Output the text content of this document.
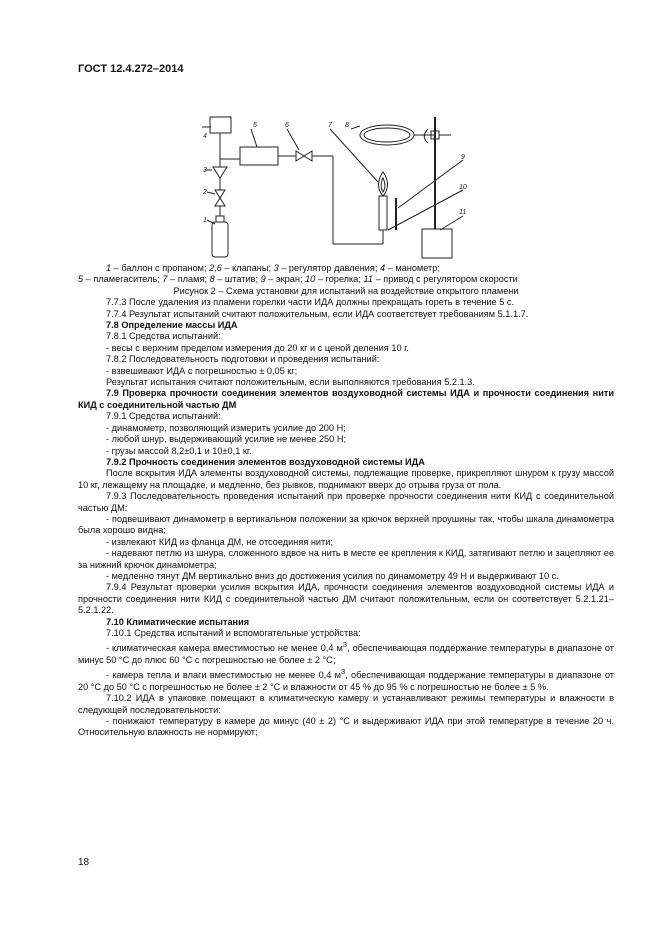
ГОСТ 12.4.272–2014
4
3
2
1
5	6	7 8
9
10
11

1 – баллон с пропаном; 2,6 – клапаны; 3 – регулятор давления; 4 – манометр;

5 – пламегаситель; 7 – пламя; 8 – штатив; 9 – экран; 10 – горелка; 11 – привод с регулятором скорости

Рисунок 2 – Схема установки для испытаний на воздействие открытого пламени

7.7.3 После удаления из пламени горелки части ИДА должны прекращать гореть в течение 5 с.

7.7.4 Результат испытаний считают положительным, если ИДА соответствует требованиям 5.1.1.7.

7.8 Определение массы ИДА

7.8.1 Средства испытаний:

- весы с верхним пределом измерения до 20 кг и с ценой деления 10 г.

7.8.2 Последовательность подготовки и проведения испытаний:

- взвешивают ИДА с погрешностью ± 0,05 кг;

Результат испытания считают положительным, если выполняются требования 5.2.1.3.

7.9 Проверка прочности соединения элементов воздуховодной системы ИДА и прочности соединения нити КИД с соединительной частью ДМ

7.9.1 Средства испытаний:

- динамометр, позволяющий измерить усилие до 200 Н;

- любой шнур, выдерживающий усилие не менее 250 Н;

- грузы массой 8,2±0,1 и 10±0,1 кг.

7.9.2 Прочность соединения элементов воздуховодной системы ИДА

После вскрытия ИДА элементы воздуховодной системы, подлежащие проверке, прикрепляют шнуром к грузу массой 10 кг, лежащему на площадке, и медленно, без рывков, поднимают вверх до отрыва груза от пола.

7.9.3 Последовательность проведения испытаний при проверке прочности соединения нити КИД с соединительной частью ДМ:

- подвешивают динамометр в вертикальном положении за крючок верхней проушины так, чтобы шкала динамометра была хорошо видна;

- извлекают КИД из фланца ДМ, не отсоединяя нити;

- надевают петлю из шнура, сложенного вдвое на нить в месте ее крепления к КИД, затягивают петлю и зацепляют ее за нижний крючок динамометра;

- медленно тянут ДМ вертикально вниз до достижения усилия по динамометру 49 Н и выдерживают 10 с.

7.9.4 Результат проверки усилия вскрытия ИДА, прочности соединения элементов воздуховодной системы ИДА и прочности соединения нити КИД с соединительной частью ДМ считают положительным, если он соответствует 5.2.1.21–5.2.1.22.

7.10 Климатические испытания

7.10.1 Средства испытаний и вспомогательные устройства:

- климатическая камера вместимостью не менее 0,4 $м^3$, обеспечивающая поддержание температуры в диапазоне от минус 50 °С до плюс 60 °С с погрешностью не более ± 2 °С;

- камера тепла и влаги вместимостью не менее 0,4 $м^3$, обеспечивающая поддержание температуры в диапазоне от 20 °С до 50 °С с погрешностью не более ± 2 °С и влажности от 45 % до 95 % с погрешностью не более ± 5 %.

7.10.2 ИДА в упаковке помещают в климатическую камеру и устанавливают режимы температуры и влажности в следующей последовательности:

- понижают температуру в камере до минус (40 ± 2) °С и выдерживают ИДА при этой температуре в течение 20 ч. Относительную влажность не нормируют;

18
